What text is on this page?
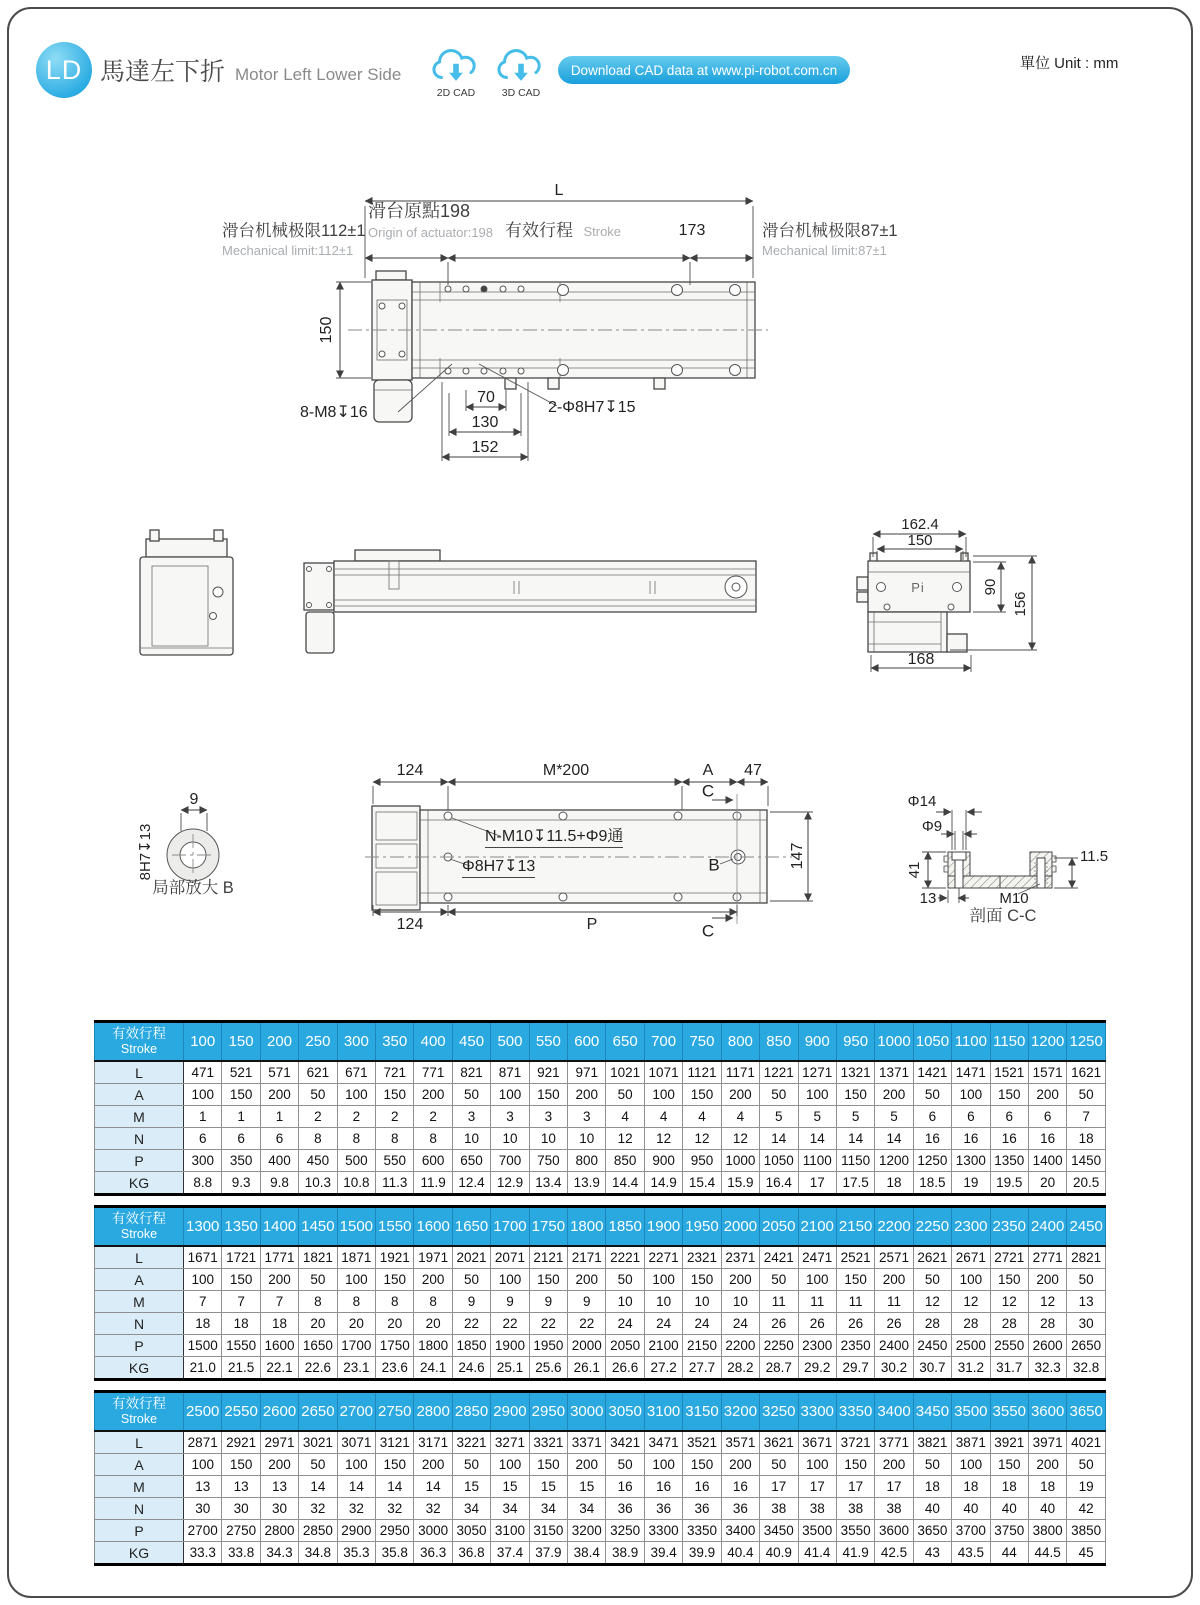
LD 馬達左下折 Motor Left Lower Side
2D CAD	3D CAD
Download CAD data at www.pi-robot.com.cn	單位 Unit : mm
L
滑台原點198
Origin of actuator:198
滑台机械极限112±1
Mechanical limit:112±1
有效行程 Stroke	173	滑台机械极限87±1
Mechanical limit:87±1
150
8-M8↧16
70
130
152
2-Φ8H7↧15
162.4
150
90
156
168
Pi
9
8H7↧13
局部放大 B
124	M*200	A 47
C
N-M10↧11.5+Φ9通
Φ8H7↧13	B	147
124	P	C
Φ14
Φ9
41
13	M10
11.5
剖面 C-C
有效行程
Stroke	100	150	200	250	300	350	400	450	500	550	600	650	700	750	800	850	900	950	1000	1050	1100	1150	1200	1250
L	471	521	571	621	671	721	771	821	871	921	971	1021	1071	1121	1171	1221	1271	1321	1371	1421	1471	1521	1571	1621
A	100	150	200	50	100	150	200	50	100	150	200	50	100	150	200	50	100	150	200	50	100	150	200	50
M	1	1	1	2	2	2	2	3	3	3	3	4	4	4	4	5	5	5	5	6	6	6	6	7
N	6	6	6	8	8	8	8	10	10	10	10	12	12	12	12	14	14	14	14	16	16	16	16	18
P	300	350	400	450	500	550	600	650	700	750	800	850	900	950	1000	1050	1100	1150	1200	1250	1300	1350	1400	1450
KG	8.8	9.3	9.8	10.3	10.8	11.3	11.9	12.4	12.9	13.4	13.9	14.4	14.9	15.4	15.9	16.4	17	17.5	18	18.5	19	19.5	20	20.5
有效行程
Stroke	1300	1350	1400	1450	1500	1550	1600	1650	1700	1750	1800	1850	1900	1950	2000	2050	2100	2150	2200	2250	2300	2350	2400	2450
L	1671	1721	1771	1821	1871	1921	1971	2021	2071	2121	2171	2221	2271	2321	2371	2421	2471	2521	2571	2621	2671	2721	2771	2821
A	100	150	200	50	100	150	200	50	100	150	200	50	100	150	200	50	100	150	200	50	100	150	200	50
M	7	7	7	8	8	8	8	9	9	9	9	10	10	10	10	11	11	11	11	12	12	12	12	13
N	18	18	18	20	20	20	20	22	22	22	22	24	24	24	24	26	26	26	26	28	28	28	28	30
P	1500	1550	1600	1650	1700	1750	1800	1850	1900	1950	2000	2050	2100	2150	2200	2250	2300	2350	2400	2450	2500	2550	2600	2650
KG	21.0	21.5	22.1	22.6	23.1	23.6	24.1	24.6	25.1	25.6	26.1	26.6	27.2	27.7	28.2	28.7	29.2	29.7	30.2	30.7	31.2	31.7	32.3	32.8
有效行程
Stroke	2500	2550	2600	2650	2700	2750	2800	2850	2900	2950	3000	3050	3100	3150	3200	3250	3300	3350	3400	3450	3500	3550	3600	3650
L	2871	2921	2971	3021	3071	3121	3171	3221	3271	3321	3371	3421	3471	3521	3571	3621	3671	3721	3771	3821	3871	3921	3971	4021
A	100	150	200	50	100	150	200	50	100	150	200	50	100	150	200	50	100	150	200	50	100	150	200	50
M	13	13	13	14	14	14	14	15	15	15	15	16	16	16	16	17	17	17	17	18	18	18	18	19
N	30	30	30	32	32	32	32	34	34	34	34	36	36	36	36	38	38	38	38	40	40	40	40	42
P	2700	2750	2800	2850	2900	2950	3000	3050	3100	3150	3200	3250	3300	3350	3400	3450	3500	3550	3600	3650	3700	3750	3800	3850
KG	33.3	33.8	34.3	34.8	35.3	35.8	36.3	36.8	37.4	37.9	38.4	38.9	39.4	39.9	40.4	40.9	41.4	41.9	42.5	43	43.5	44	44.5	45
